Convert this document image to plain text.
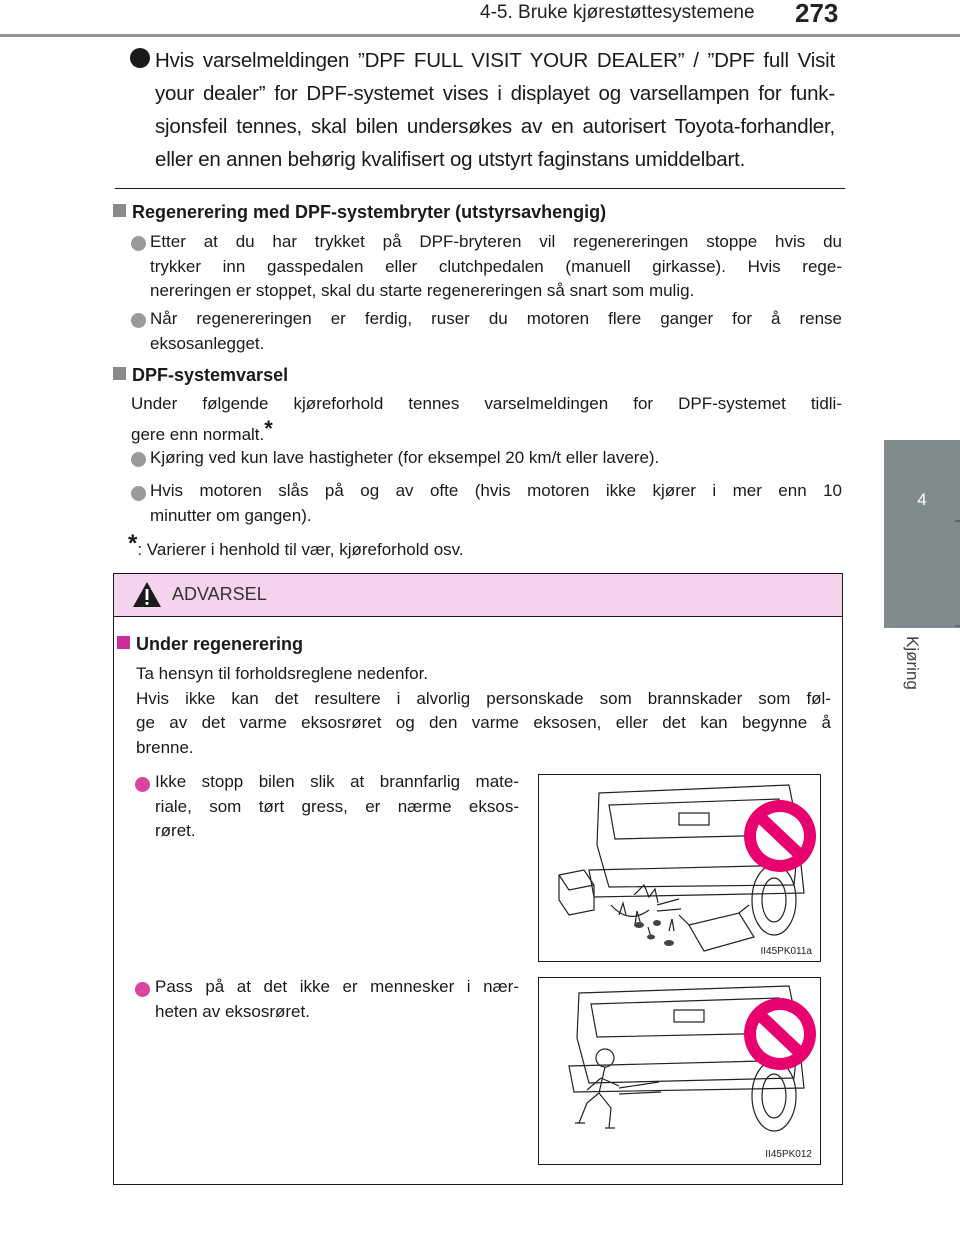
4-5. Bruke kjørestøttesystemene 273
4
Kjøring
Hvis varselmeldingen ”DPF FULL VISIT YOUR DEALER” / ”DPF full Visit
your dealer” for DPF-systemet vises i displayet og varsellampen for funk-
sjonsfeil tennes, skal bilen undersøkes av en autorisert Toyota-forhandler,
eller en annen behørig kvalifisert og utstyrt faginstans umiddelbart.
Regenerering med DPF-systembryter (utstyrsavhengig)
Etter at du har trykket på DPF-bryteren vil regenereringen stoppe hvis du
trykker inn gasspedalen eller clutchpedalen (manuell girkasse). Hvis rege-
nereringen er stoppet, skal du starte regenereringen så snart som mulig.
Når regenereringen er ferdig, ruser du motoren flere ganger for å rense
eksosanlegget.
DPF-systemvarsel
Under følgende kjøreforhold tennes varselmeldingen for DPF-systemet tidli-
gere enn normalt.*
Kjøring ved kun lave hastigheter (for eksempel 20 km/t eller lavere).
Hvis motoren slås på og av ofte (hvis motoren ikke kjører i mer enn 10
minutter om gangen).
*: Varierer i henhold til vær, kjøreforhold osv.
ADVARSEL
Under regenerering
Ta hensyn til forholdsreglene nedenfor.
Hvis ikke kan det resultere i alvorlig personskade som brannskader som føl-
ge av det varme eksosrøret og den varme eksosen, eller det kan begynne å
brenne.
Ikke stopp bilen slik at brannfarlig mate-
riale, som tørt gress, er nærme eksos-
røret.
Pass på at det ikke er mennesker i nær-
heten av eksosrøret.
II45PK011a
II45PK012
